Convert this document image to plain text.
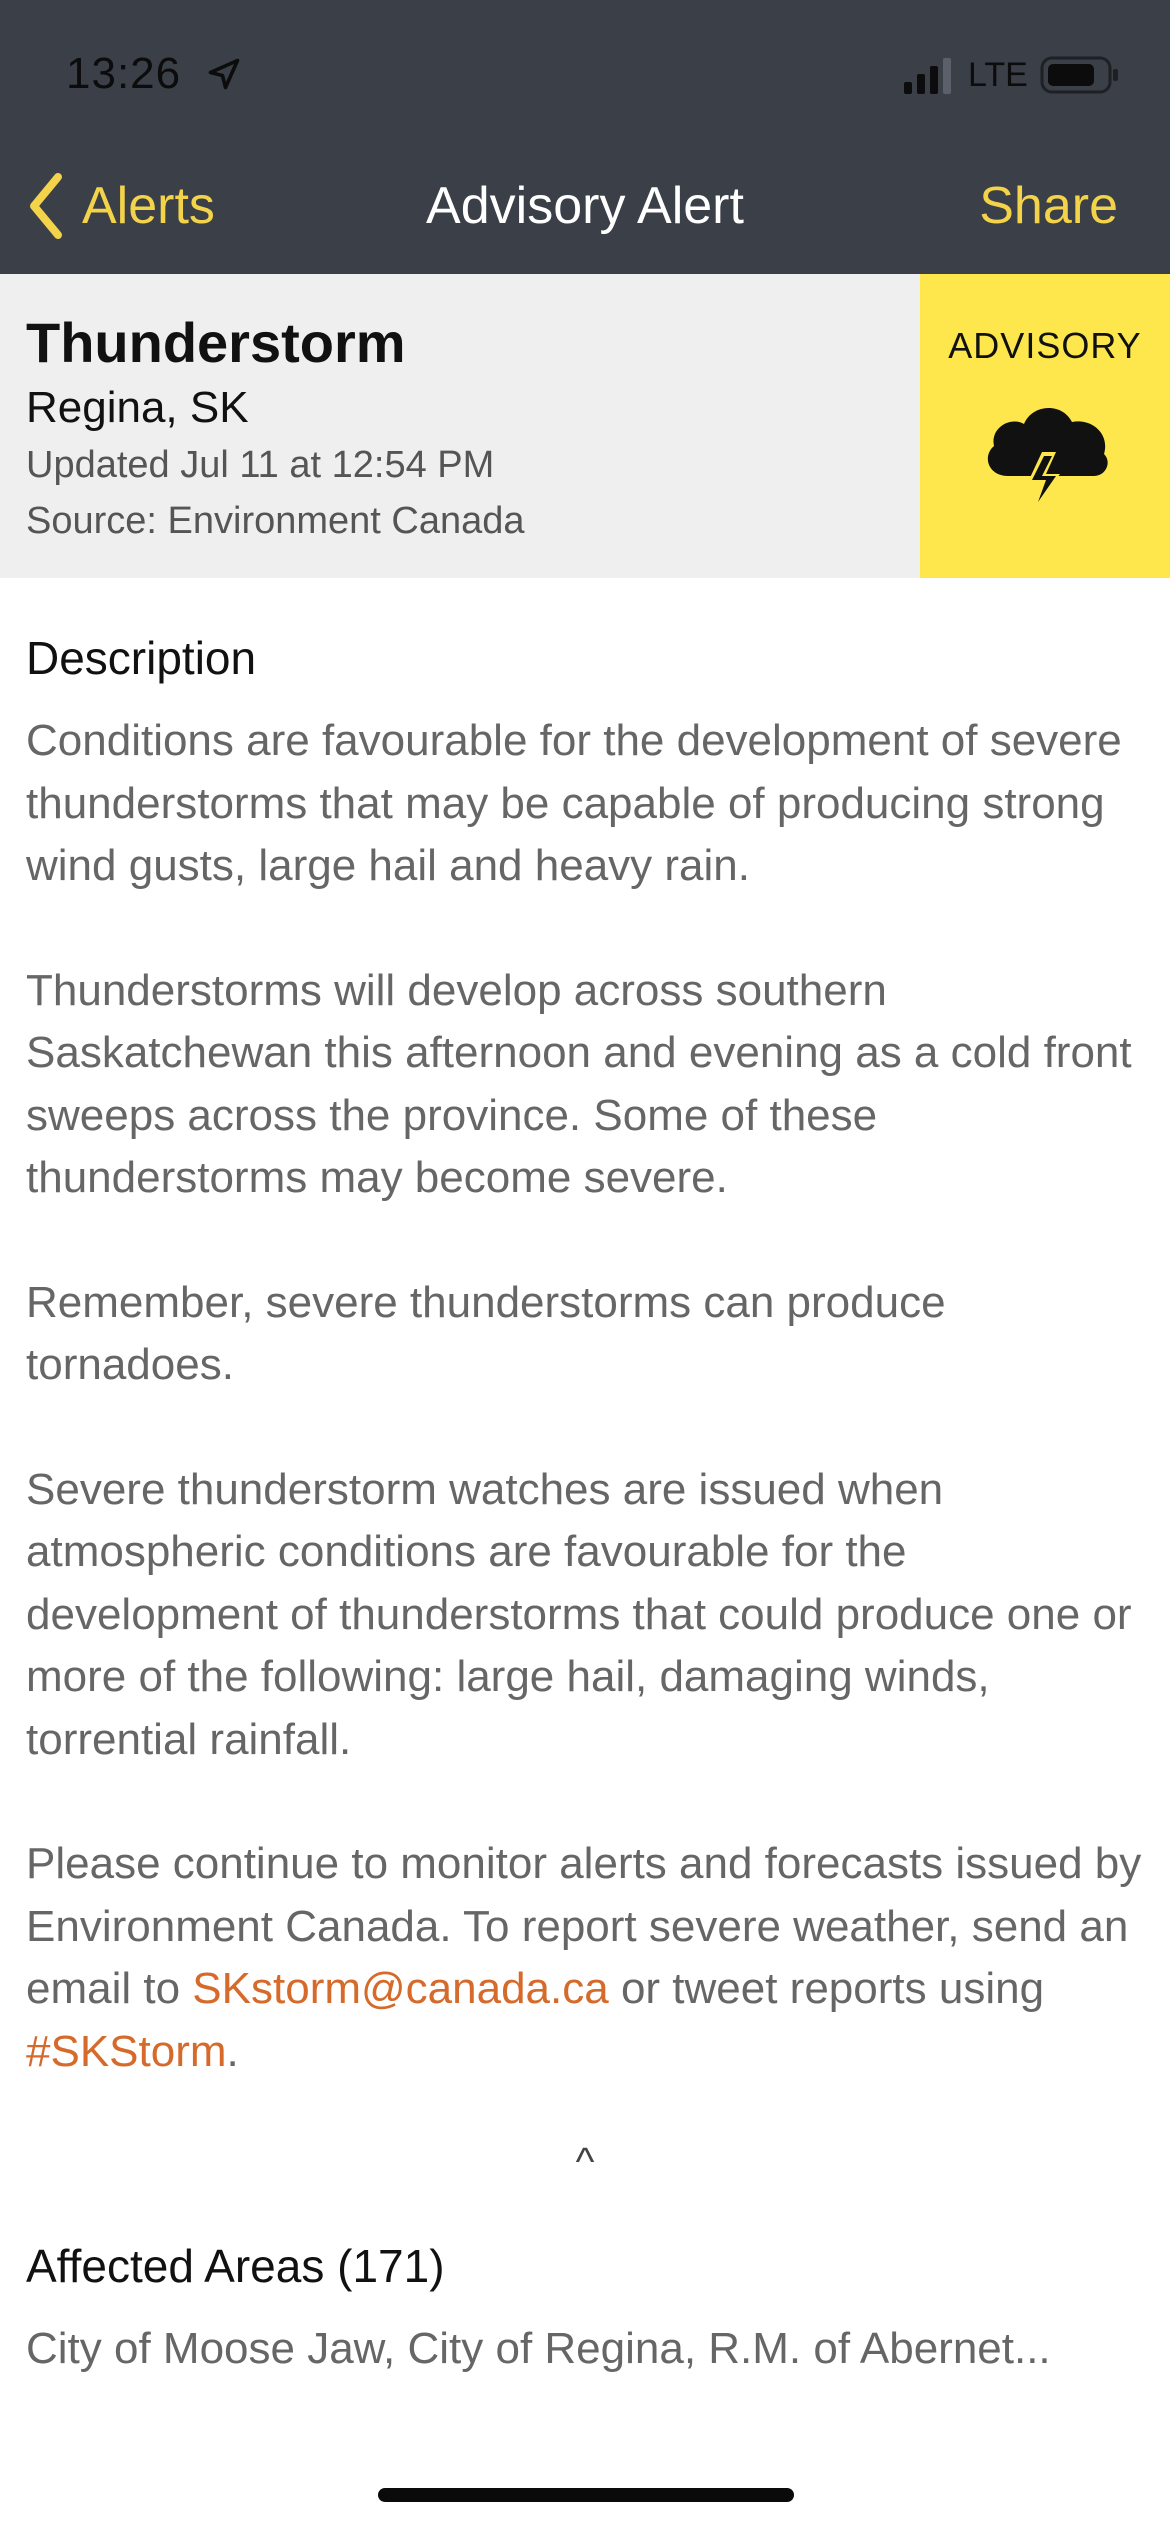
13:26	LTE
Alerts	Advisory Alert	Share
Thunderstorm
Regina, SK
Updated Jul 11 at 12:54 PM
Source: Environment Canada
ADVISORY
Description

Conditions are favourable for the development of severe thunderstorms that may be capable of producing strong wind gusts, large hail and heavy rain.

Thunderstorms will develop across southern Saskatchewan this afternoon and evening as a cold front sweeps across the province. Some of these thunderstorms may become severe.

Remember, severe thunderstorms can produce tornadoes.

Severe thunderstorm watches are issued when atmospheric conditions are favourable for the development of thunderstorms that could produce one or more of the following: large hail, damaging winds, torrential rainfall.

Please continue to monitor alerts and forecasts issued by Environment Canada. To report severe weather, send an email to SKstorm@canada.ca or tweet reports using #SKStorm.

^
Affected Areas (171)
City of Moose Jaw, City of Regina, R.M. of Abernet...
